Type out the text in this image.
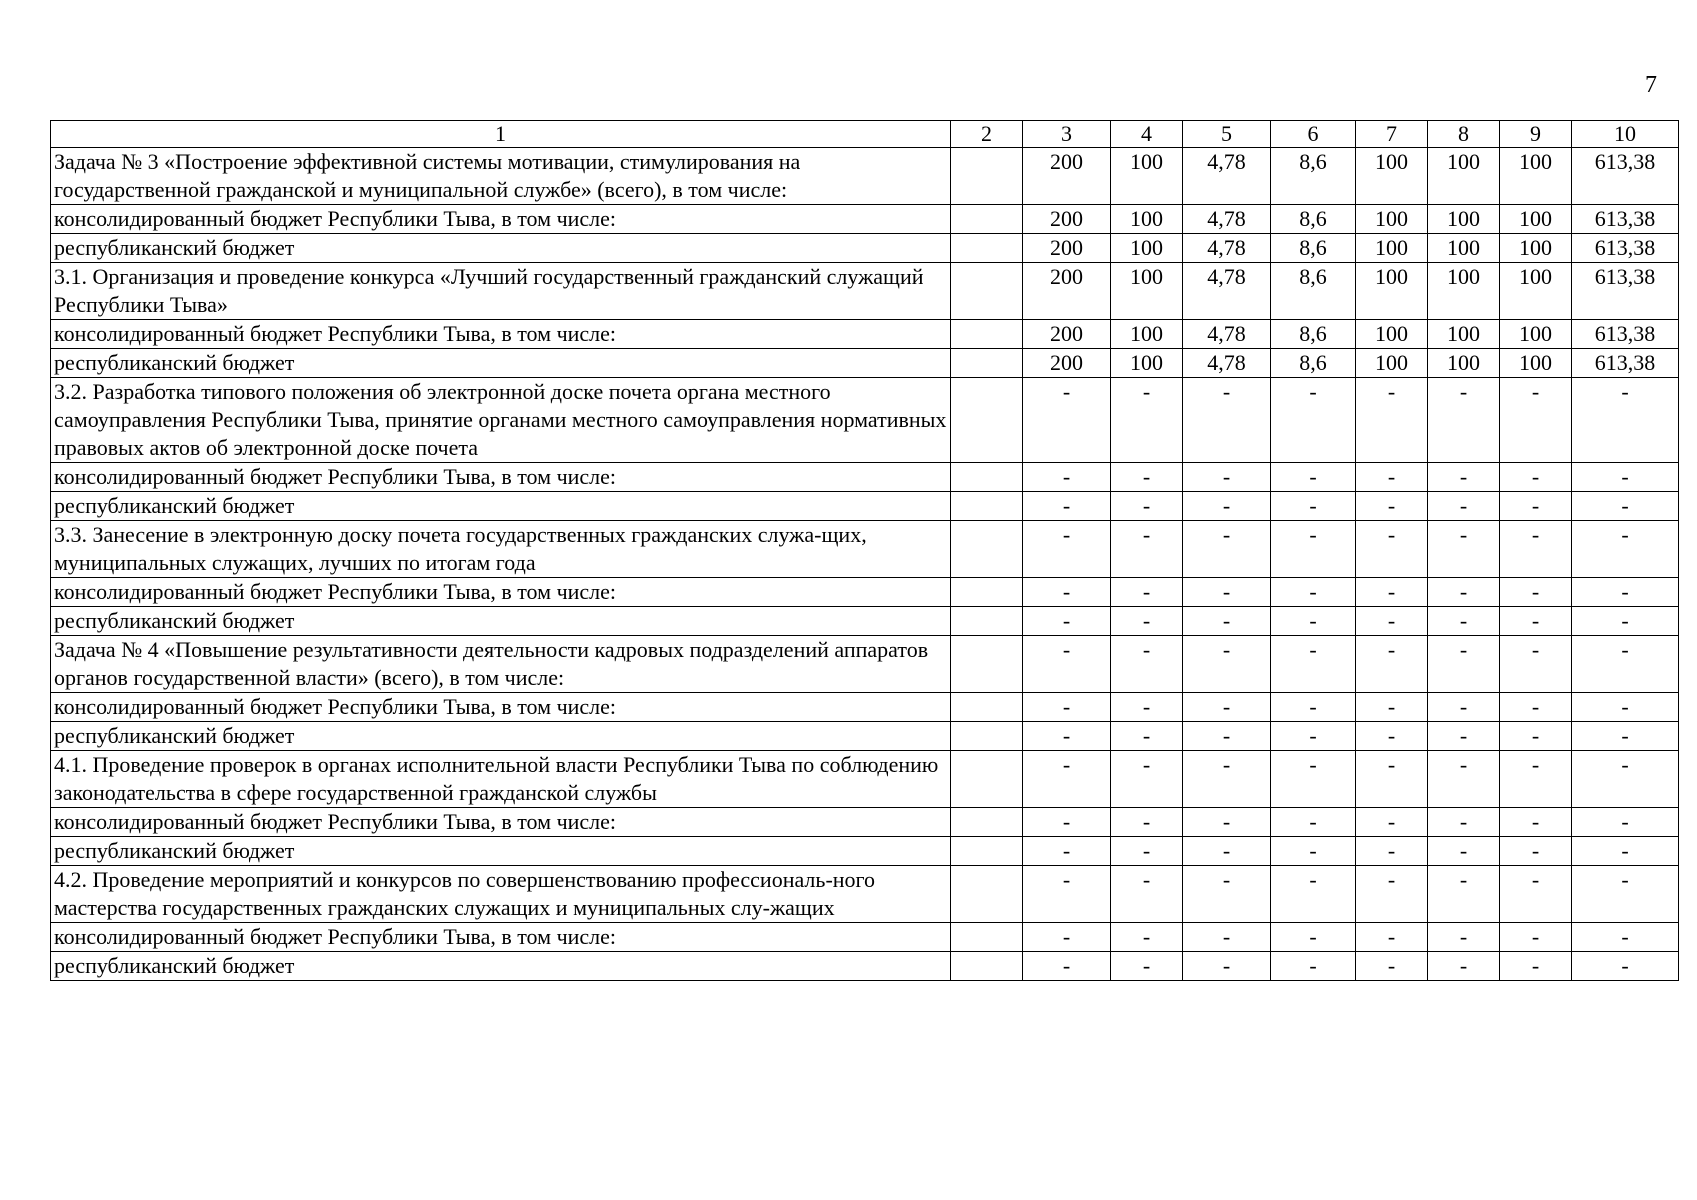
7
1	2	3	4	5	6	7	8	9	10
Задача № 3 «Построение эффективной системы мотивации, стимулирования на государственной гражданской и муниципальной службе» (всего), в том числе:		200	100	4,78	8,6	100	100	100	613,38
консолидированный бюджет Республики Тыва, в том числе:		200	100	4,78	8,6	100	100	100	613,38
республиканский бюджет		200	100	4,78	8,6	100	100	100	613,38
3.1. Организация и проведение конкурса «Лучший государственный гражданский служащий Республики Тыва»		200	100	4,78	8,6	100	100	100	613,38
консолидированный бюджет Республики Тыва, в том числе:		200	100	4,78	8,6	100	100	100	613,38
республиканский бюджет		200	100	4,78	8,6	100	100	100	613,38
3.2. Разработка типового положения об электронной доске почета органа местного самоуправления Республики Тыва, принятие органами местного самоуправления нормативных правовых актов об электронной доске почета		-	-	-	-	-	-	-	-
консолидированный бюджет Республики Тыва, в том числе:		-	-	-	-	-	-	-	-
республиканский бюджет		-	-	-	-	-	-	-	-
3.3. Занесение в электронную доску почета государственных гражданских служа-щих, муниципальных служащих, лучших по итогам года		-	-	-	-	-	-	-	-
консолидированный бюджет Республики Тыва, в том числе:		-	-	-	-	-	-	-	-
республиканский бюджет		-	-	-	-	-	-	-	-
Задача № 4 «Повышение результативности деятельности кадровых подразделений аппаратов органов государственной власти» (всего), в том числе:		-	-	-	-	-	-	-	-
консолидированный бюджет Республики Тыва, в том числе:		-	-	-	-	-	-	-	-
республиканский бюджет		-	-	-	-	-	-	-	-
4.1. Проведение проверок в органах исполнительной власти Республики Тыва по соблюдению законодательства в сфере государственной гражданской службы		-	-	-	-	-	-	-	-
консолидированный бюджет Республики Тыва, в том числе:		-	-	-	-	-	-	-	-
республиканский бюджет		-	-	-	-	-	-	-	-
4.2. Проведение мероприятий и конкурсов по совершенствованию профессиональ-ного мастерства государственных гражданских служащих и муниципальных слу-жащих		-	-	-	-	-	-	-	-
консолидированный бюджет Республики Тыва, в том числе:		-	-	-	-	-	-	-	-
республиканский бюджет		-	-	-	-	-	-	-	-
